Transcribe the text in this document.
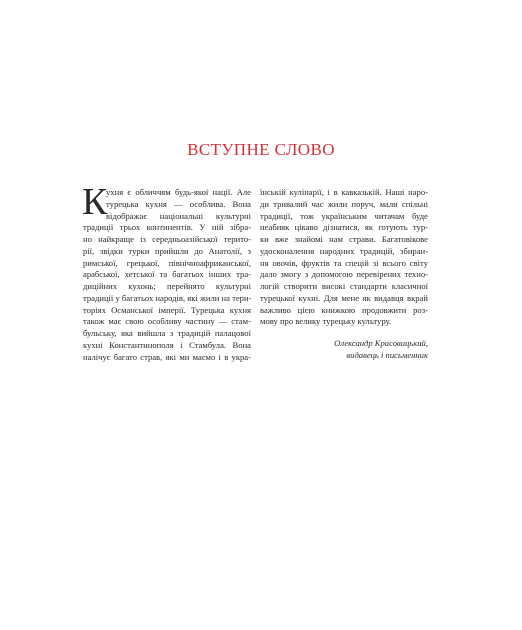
ВСТУПНЕ СЛОВО
К
ухня є обличчям будь-якої нації. Але
турецька кухня — особлива. Вона
відображає національні культурні
традиції трьох континентів. У ній зібра-
но найкраще із середньоазійської терито-
рії, звідки турки прийшли до Анатолії, з
римської, грецької, північноафриканської,
арабської, хетської та багатьох інших тра-
диційних кухонь; перейнято культурні
традиції у багатьох народів, які жили на тери-
торіях Османської імперії. Турецька кухня
також має свою особливу частину — стам-
бульську, яка вийшла з традицій палацової
кухні Константинополя і Стамбула. Вона
налічує багато страв, які ми маємо і в укра-
їнській кулінарії, і в кавказькій. Наші наро-
ди тривалий час жили поруч, мали спільні
традиції, тож українським читачам буде
неабияк цікаво дізнатися, як готують тур-
ки вже знайомі нам страви. Багатовікове
удосконалення народних традицій, збиран-
ня овочів, фруктів та спецій зі всього світу
дало змогу з допомогою перевірених техно-
логій створити високі стандарти класичної
турецької кухні. Для мене як видавця вкрай
важливо цією книжкою продовжити роз-
мову про велику турецьку культуру.
Олександр Красовицький,
видавець і письменник
